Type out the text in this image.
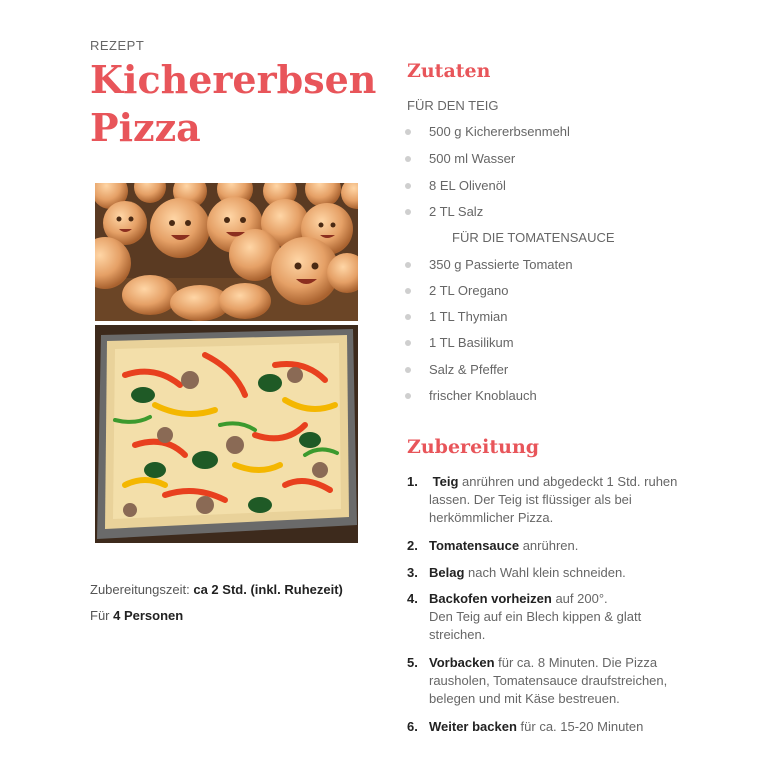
REZEPT
Kichererbsen
Pizza
Zubereitungszeit: ca 2 Std. (inkl. Ruhezeit)
Für 4 Personen
Zutaten
FÜR DEN TEIG
500 g Kichererbsenmehl
500 ml Wasser
8 EL Olivenöl
2 TL Salz
FÜR DIE TOMATENSAUCE
350 g Passierte Tomaten
2 TL Oregano
1 TL Thymian
1 TL Basilikum
Salz & Pfeffer
frischer Knoblauch
Zubereitung
1. Teig anrühren und abgedeckt 1 Std. ruhen lassen. Der Teig ist flüssiger als bei herkömmlicher Pizza.
2. Tomatensauce anrühren.
3. Belag nach Wahl klein schneiden.
4. Backofen vorheizen auf 200°.
Den Teig auf ein Blech kippen & glatt streichen.
5. Vorbacken für ca. 8 Minuten. Die Pizza rausholen, Tomatensauce draufstreichen, belegen und mit Käse bestreuen.
6. Weiter backen für ca. 15-20 Minuten
